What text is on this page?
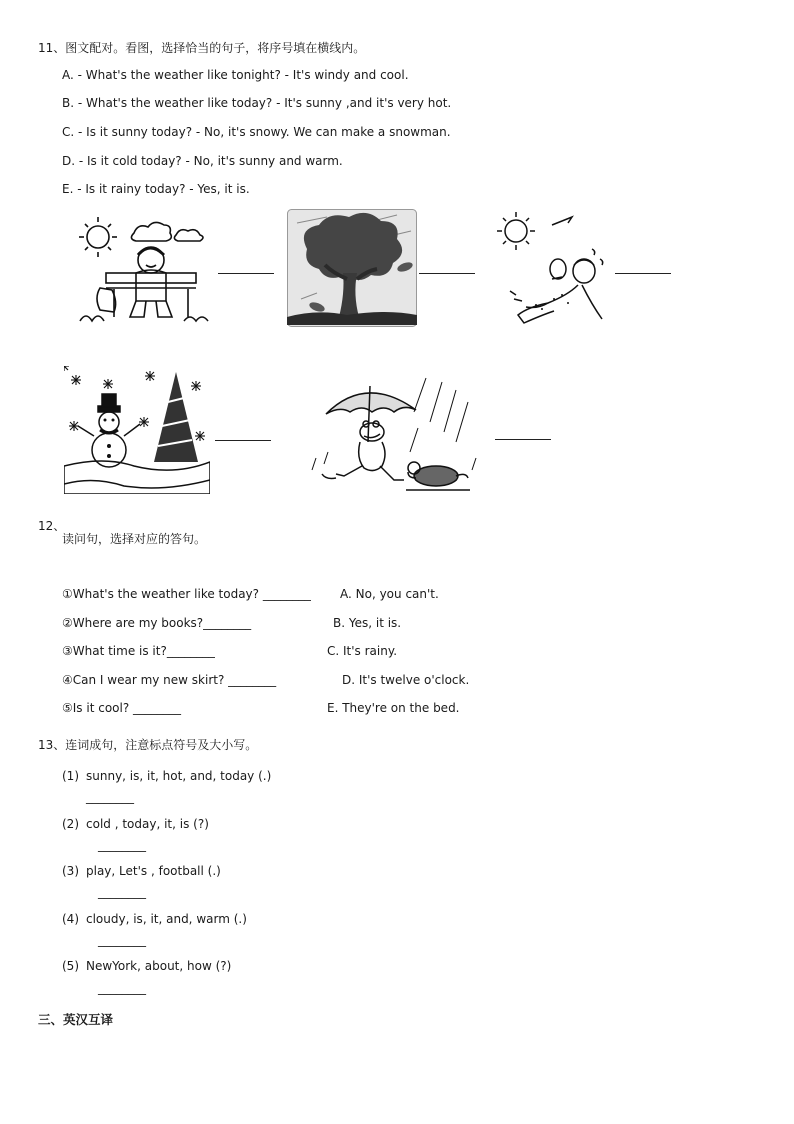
11、图文配对。看图，选择恰当的句子，将序号填在横线内。
A. - What's the weather like tonight? - It's windy and cool.
B. - What's the weather like today? - It's sunny ,and it's very hot.
C. - Is it sunny today? - No, it's snowy. We can make a snowman.
D. - Is it cold today? - No, it's sunny and warm.
E. - Is it rainy today? - Yes, it is.
12、
读问句，选择对应的答句。
①What's the weather like today? ________
②Where are my books?________
③What time is it?________
④Can I wear my new skirt? ________
⑤Is it cool? ________
A. No, you can't.
B. Yes, it is.
C. It's rainy.
D. It's twelve o'clock.
E. They're on the bed.
13、连词成句，注意标点符号及大小写。
(1) sunny, is, it, hot, and, today (.)
________
(2) cold , today, it, is (?)
________
(3) play, Let's , football (.)
________
(4) cloudy, is, it, and, warm (.)
________
(5) NewYork, about, how (?)
________
三、英汉互译
